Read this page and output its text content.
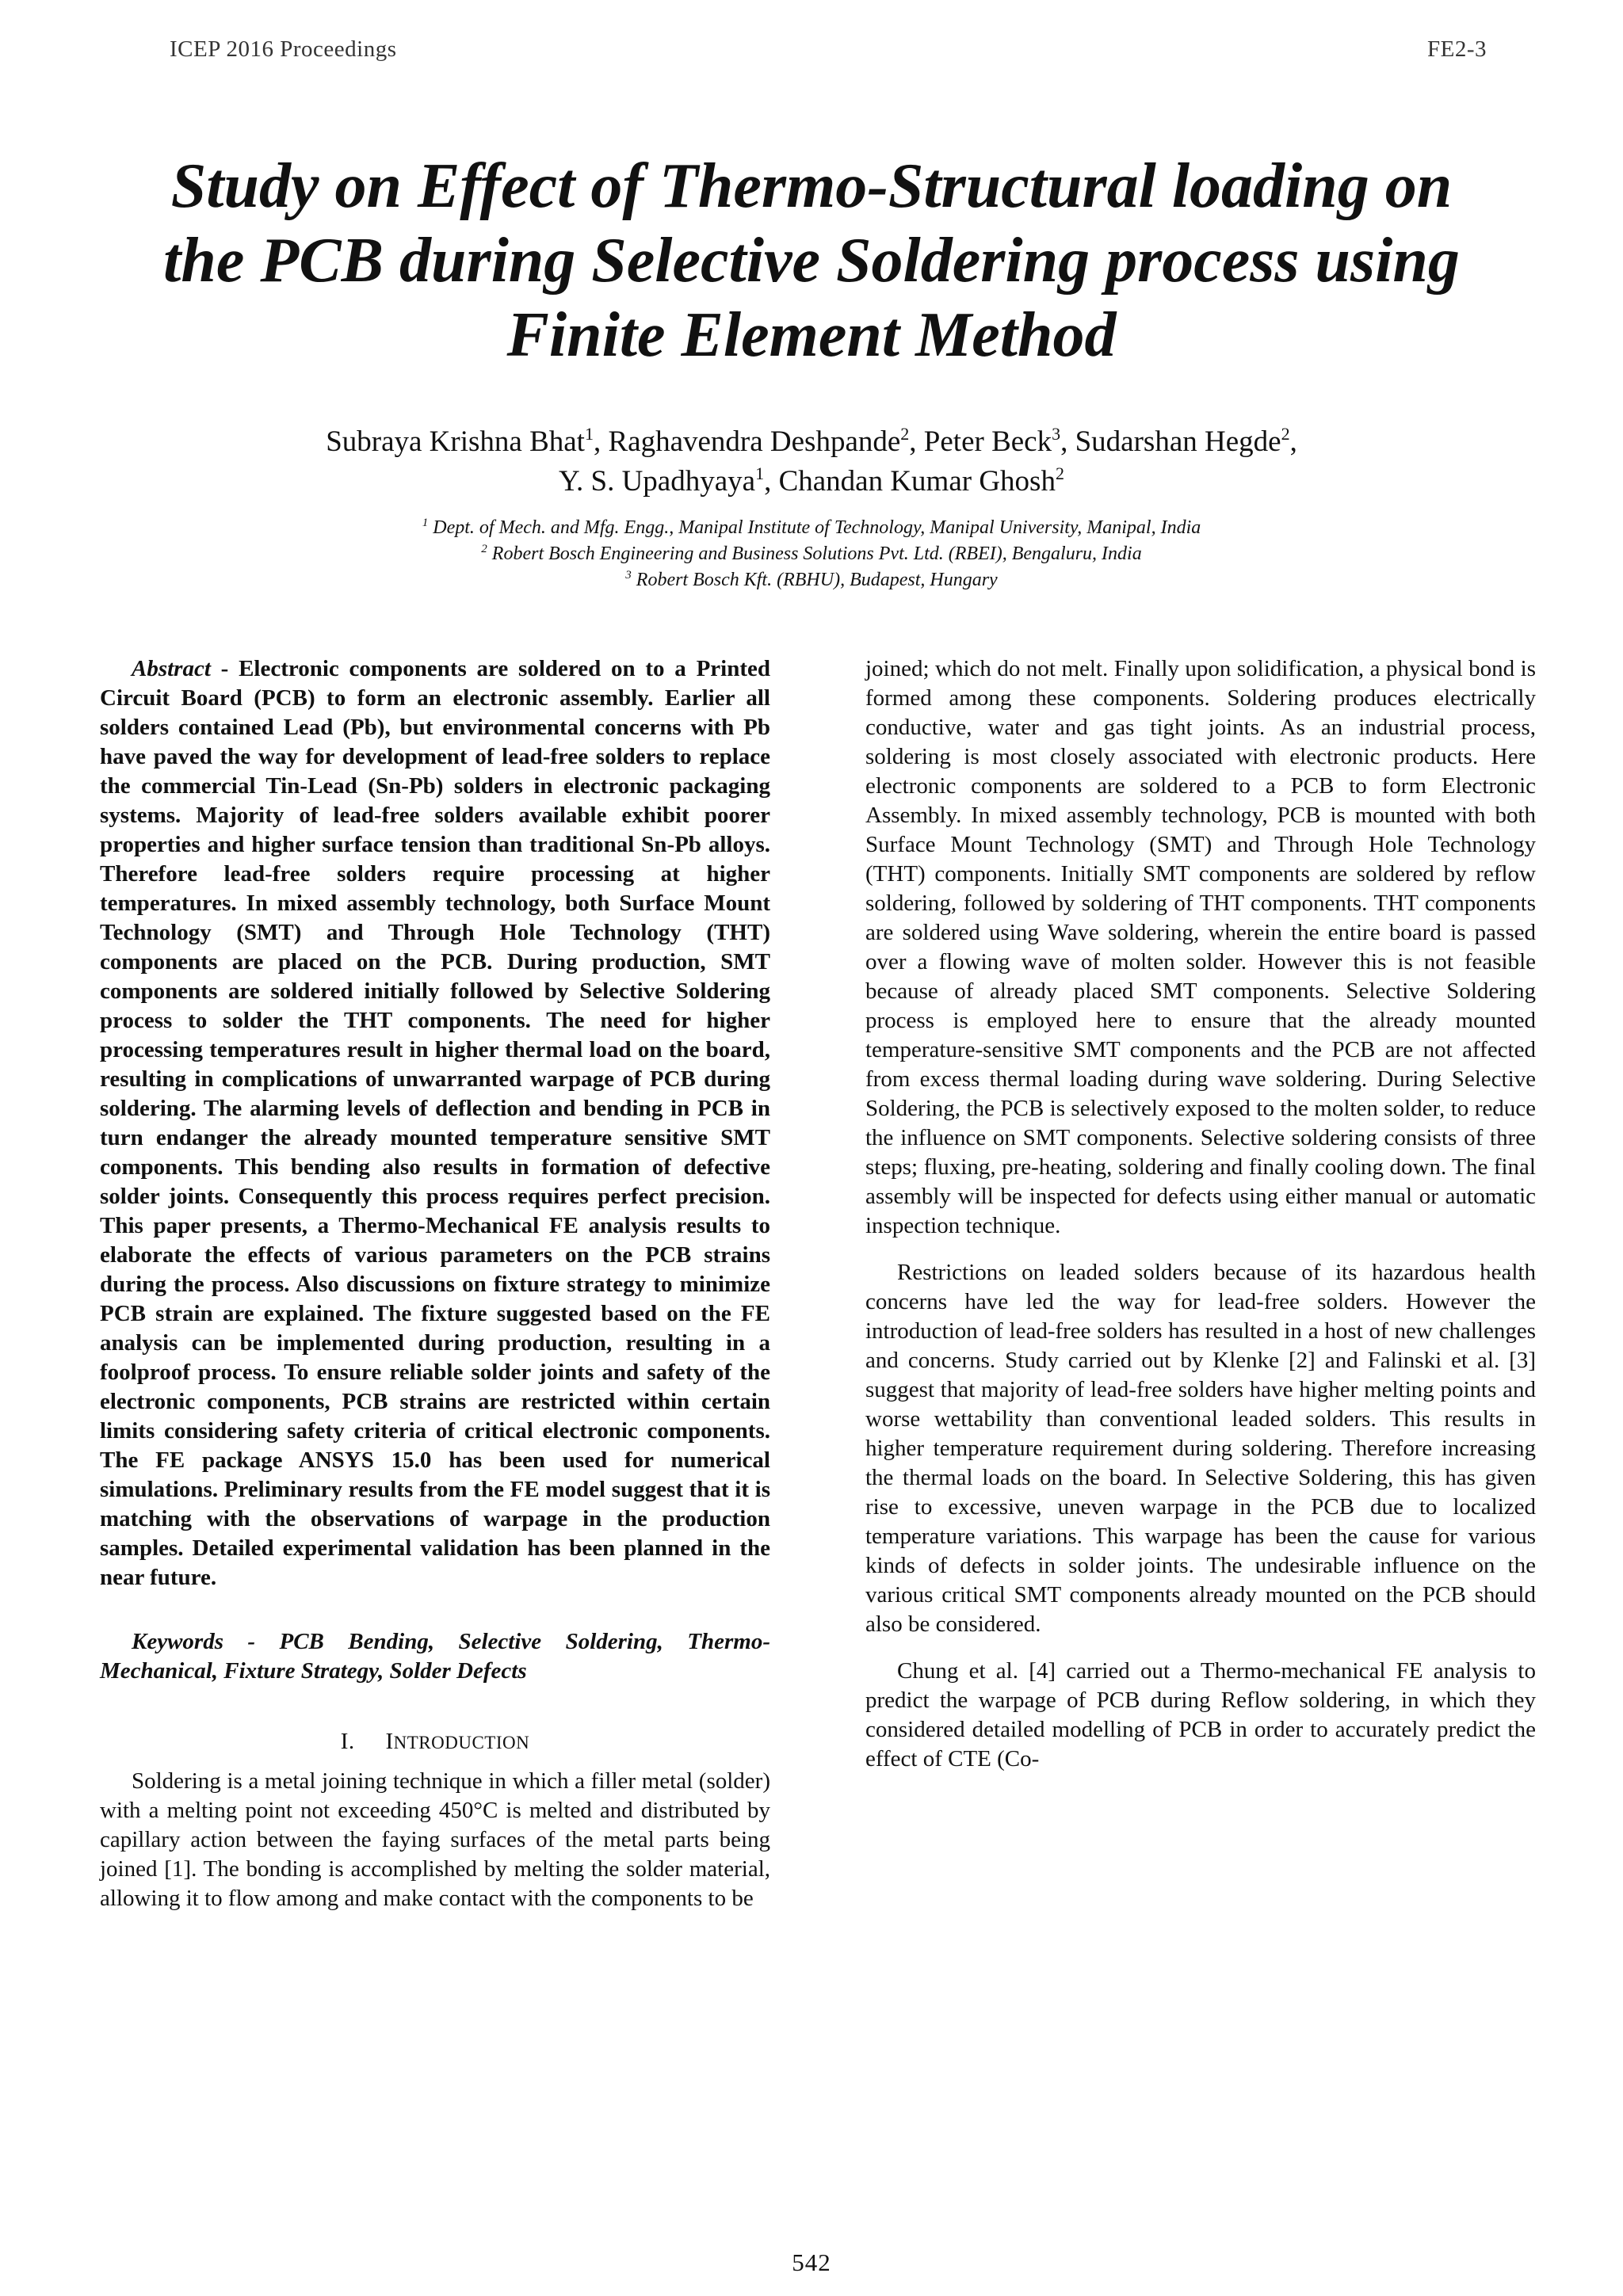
ICEP 2016 Proceedings	FE2-3
Study on Effect of Thermo-Structural loading on
the PCB during Selective Soldering process using
Finite Element Method
Subraya Krishna Bhat$^1$, Raghavendra Deshpande$^2$, Peter Beck$^3$, Sudarshan Hegde$^2$,
Y. S. Upadhyaya$^1$, Chandan Kumar Ghosh$^2$
$^1$ Dept. of Mech. and Mfg. Engg., Manipal Institute of Technology, Manipal University, Manipal, India
$^2$ Robert Bosch Engineering and Business Solutions Pvt. Ltd. (RBEI), Bengaluru, India
$^3$ Robert Bosch Kft. (RBHU), Budapest, Hungary

Abstract - Electronic components are soldered on to a Printed Circuit Board (PCB) to form an electronic assembly. Earlier all solders contained Lead (Pb), but environmental concerns with Pb have paved the way for development of lead-free solders to replace the commercial Tin-Lead (Sn-Pb) solders in electronic packaging systems. Majority of lead-free solders available exhibit poorer properties and higher surface tension than traditional Sn-Pb alloys. Therefore lead-free solders require processing at higher temperatures. In mixed assembly technology, both Surface Mount Technology (SMT) and Through Hole Technology (THT) components are placed on the PCB. During production, SMT components are soldered initially followed by Selective Soldering process to solder the THT components. The need for higher processing temperatures result in higher thermal load on the board, resulting in complications of unwarranted warpage of PCB during soldering. The alarming levels of deflection and bending in PCB in turn endanger the already mounted temperature sensitive SMT components. This bending also results in formation of defective solder joints. Consequently this process requires perfect precision. This paper presents, a Thermo-Mechanical FE analysis results to elaborate the effects of various parameters on the PCB strains during the process. Also discussions on fixture strategy to minimize PCB strain are explained. The fixture suggested based on the FE analysis can be implemented during production, resulting in a foolproof process. To ensure reliable solder joints and safety of the electronic components, PCB strains are restricted within certain limits considering safety criteria of critical electronic components. The FE package ANSYS 15.0 has been used for numerical simulations. Preliminary results from the FE model suggest that it is matching with the observations of warpage in the production samples. Detailed experimental validation has been planned in the near future.

Keywords - PCB Bending, Selective Soldering, Thermo-Mechanical, Fixture Strategy, Solder Defects

I. INTRODUCTION

Soldering is a metal joining technique in which a filler metal (solder) with a melting point not exceeding 450°C is melted and distributed by capillary action between the faying surfaces of the metal parts being joined [1]. The bonding is accomplished by melting the solder material, allowing it to flow among and make contact with the components to be

joined; which do not melt. Finally upon solidification, a physical bond is formed among these components. Soldering produces electrically conductive, water and gas tight joints. As an industrial process, soldering is most closely associated with electronic products. Here electronic components are soldered to a PCB to form Electronic Assembly. In mixed assembly technology, PCB is mounted with both Surface Mount Technology (SMT) and Through Hole Technology (THT) components. Initially SMT components are soldered by reflow soldering, followed by soldering of THT components. THT components are soldered using Wave soldering, wherein the entire board is passed over a flowing wave of molten solder. However this is not feasible because of already placed SMT components. Selective Soldering process is employed here to ensure that the already mounted temperature-sensitive SMT components and the PCB are not affected from excess thermal loading during wave soldering. During Selective Soldering, the PCB is selectively exposed to the molten solder, to reduce the influence on SMT components. Selective soldering consists of three steps; fluxing, pre-heating, soldering and finally cooling down. The final assembly will be inspected for defects using either manual or automatic inspection technique.

Restrictions on leaded solders because of its hazardous health concerns have led the way for lead-free solders. However the introduction of lead-free solders has resulted in a host of new challenges and concerns. Study carried out by Klenke [2] and Falinski et al. [3] suggest that majority of lead-free solders have higher melting points and worse wettability than conventional leaded solders. This results in higher temperature requirement during soldering. Therefore increasing the thermal loads on the board. In Selective Soldering, this has given rise to excessive, uneven warpage in the PCB due to localized temperature variations. This warpage has been the cause for various kinds of defects in solder joints. The undesirable influence on the various critical SMT components already mounted on the PCB should also be considered.

Chung et al. [4] carried out a Thermo-mechanical FE analysis to predict the warpage of PCB during Reflow soldering, in which they considered detailed modelling of PCB in order to accurately predict the effect of CTE (Co-

542
